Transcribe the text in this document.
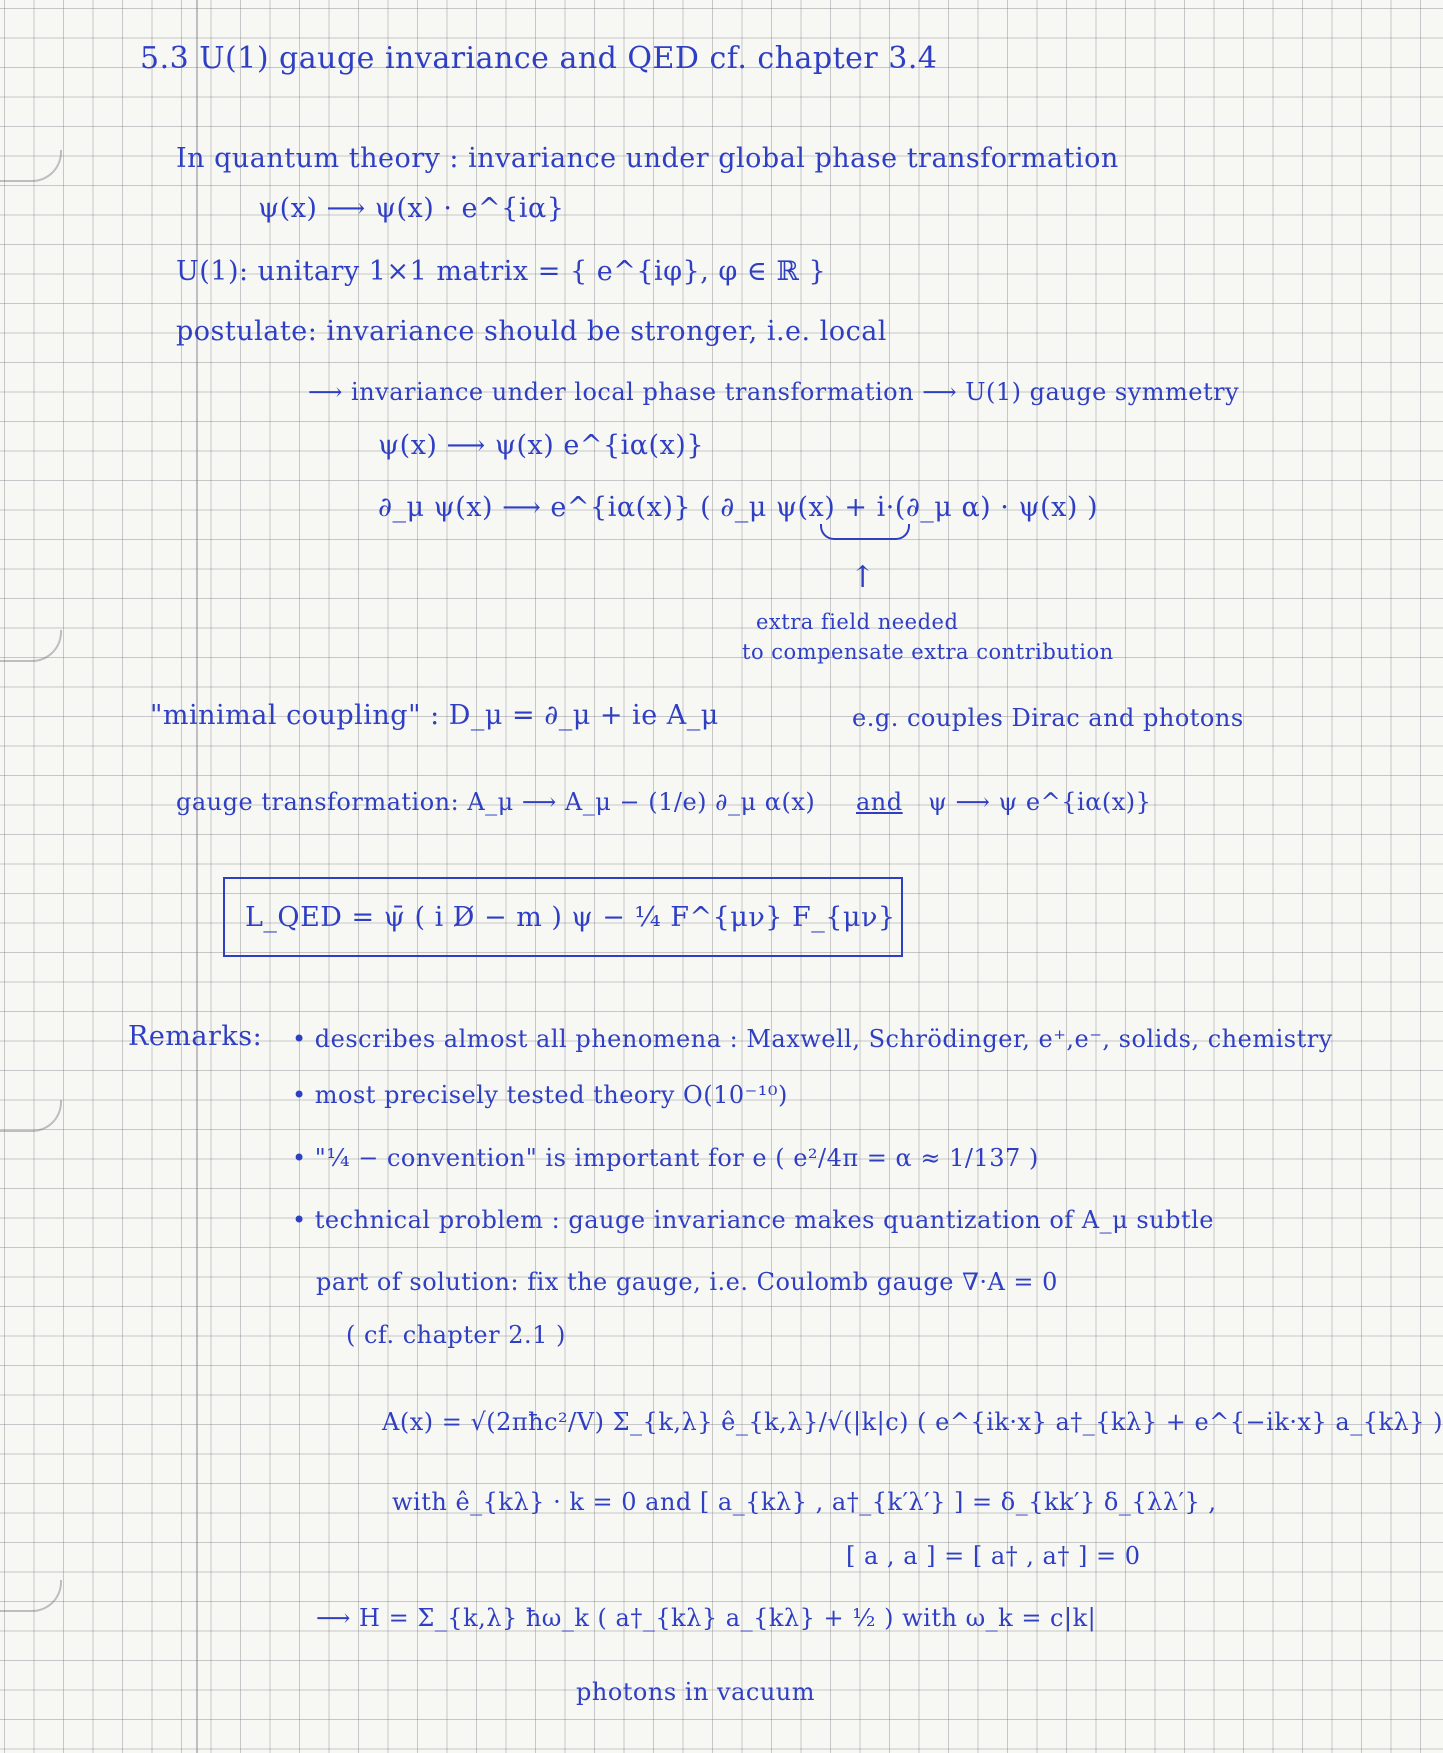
5.3 U(1) gauge invariance and QED cf. chapter 3.4
In quantum theory : invariance under global phase transformation
ψ(x) ⟶ ψ(x) · e^{iα}
U(1): unitary 1×1 matrix = { e^{iφ}, φ ∈ ℝ }
postulate: invariance should be stronger, i.e. local
⟶ invariance under local phase transformation ⟶ U(1) gauge symmetry
ψ(x) ⟶ ψ(x) e^{iα(x)}
∂_μ ψ(x) ⟶ e^{iα(x)} ( ∂_μ ψ(x) + i·(∂_μ α) · ψ(x) )
↑
extra field needed
to compensate extra contribution
"minimal coupling" : D_μ = ∂_μ + ie A_μ	e.g. couples Dirac and photons
gauge transformation: A_μ ⟶ A_μ − (1/e) ∂_μ α(x) and ψ ⟶ ψ e^{iα(x)}
L_QED = ψ̄ ( i D̸ − m ) ψ − ¼ F^{μν} F_{μν}
Remarks: • describes almost all phenomena : Maxwell, Schrödinger, e⁺,e⁻, solids, chemistry
• most precisely tested theory O(10⁻¹⁰)
• "¼ − convention" is important for e ( e²/4π = α ≈ 1/137 )
• technical problem : gauge invariance makes quantization of A_μ subtle
part of solution: fix the gauge, i.e. Coulomb gauge ∇·A = 0
( cf. chapter 2.1 )
A(x) = √(2πħc²/V) Σ_{k,λ} ê_{k,λ}/√(|k|c) ( e^{ik·x} a†_{kλ} + e^{−ik·x} a_{kλ} )
with ê_{kλ} · k = 0 and [ a_{kλ} , a†_{k′λ′} ] = δ_{kk′} δ_{λλ′} ,
[ a , a ] = [ a† , a† ] = 0
⟶ H = Σ_{k,λ} ħω_k ( a†_{kλ} a_{kλ} + ½ ) with ω_k = c|k|
photons in vacuum
